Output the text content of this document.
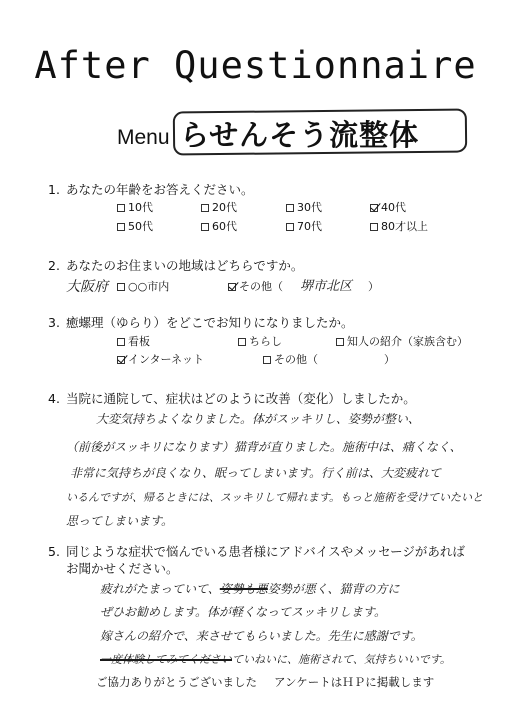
After Questionnaire
Menu らせんそう流整体
1. あなたの年齢をお答えください。
10代	20代	30代	40代
50代	60代	70代	80才以上
2. あなたのお住まいの地域はどちらですか。
大阪府	○○市内	その他（ 堺市北区 ）
3. 癒螺理（ゆらり）をどこでお知りになりましたか。
看板	ちらし	知人の紹介（家族含む）
インターネット	その他（　　　　　　）
4. 当院に通院して、症状はどのように改善（変化）しましたか。
大変気持ちよくなりました。体がスッキリし、姿勢が整い、
（前後がスッキリになります）猫背が直りました。施術中は、痛くなく、
非常に気持ちが良くなり、眠ってしまいます。行く前は、大変疲れて
いるんですが、帰るときには、スッキリして帰れます。もっと施術を受けていたいと
思ってしまいます。
5. 同じような症状で悩んでいる患者様にアドバイスやメッセージがあれば
お聞かせください。
疲れがたまっていて、姿勢も悪姿勢が悪く、猫背の方に
ぜひお勧めします。体が軽くなってスッキリします。
嫁さんの紹介で、来させてもらいました。先生に感謝です。
一度体験してみてくださいていねいに、施術されて、気持ちいいです。
ご協力ありがとうございました アンケートはＨＰに掲載します
